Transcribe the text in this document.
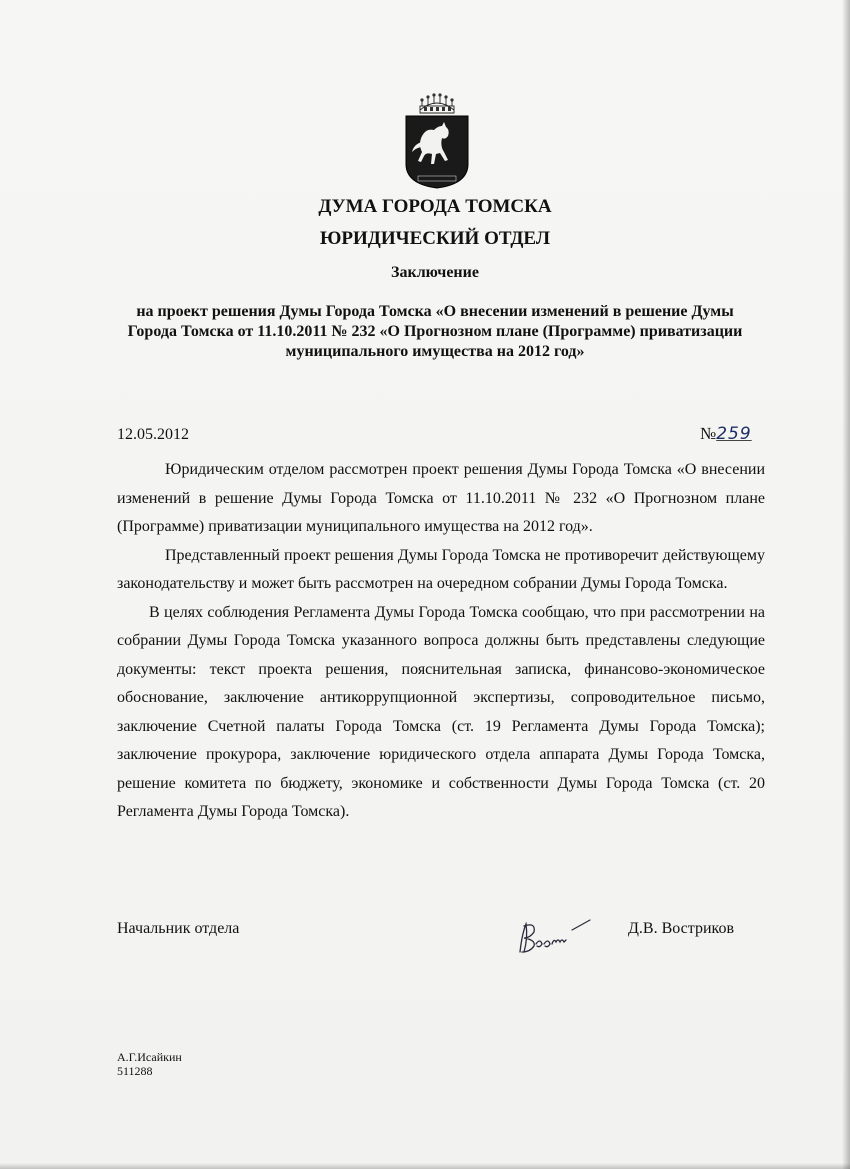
ДУМА ГОРОДА ТОМСКА
ЮРИДИЧЕСКИЙ ОТДЕЛ
Заключение
на проект решения Думы Города Томска «О внесении изменений в решение Думы Города Томска от 11.10.2011 № 232 «О Прогнозном плане (Программе) приватизации муниципального имущества на 2012 год»
12.05.2012	№259

Юридическим отделом рассмотрен проект решения Думы Города Томска «О внесении изменений в решение Думы Города Томска от 11.10.2011 № 232 «О Прогнозном плане (Программе) приватизации муниципального имущества на 2012 год».

Представленный проект решения Думы Города Томска не противоречит действующему законодательству и может быть рассмотрен на очередном собрании Думы Города Томска.

В целях соблюдения Регламента Думы Города Томска сообщаю, что при рассмотрении на собрании Думы Города Томска указанного вопроса должны быть представлены следующие документы: текст проекта решения, пояснительная записка, финансово-экономическое обоснование, заключение антикоррупционной экспертизы, сопроводительное письмо, заключение Счетной палаты Города Томска (ст. 19 Регламента Думы Города Томска); заключение прокурора, заключение юридического отдела аппарата Думы Города Томска, решение комитета по бюджету, экономике и собственности Думы Города Томска (ст. 20 Регламента Думы Города Томска).

Начальник отдела	Д.В. Востриков
А.Г.Исайкин
511288
